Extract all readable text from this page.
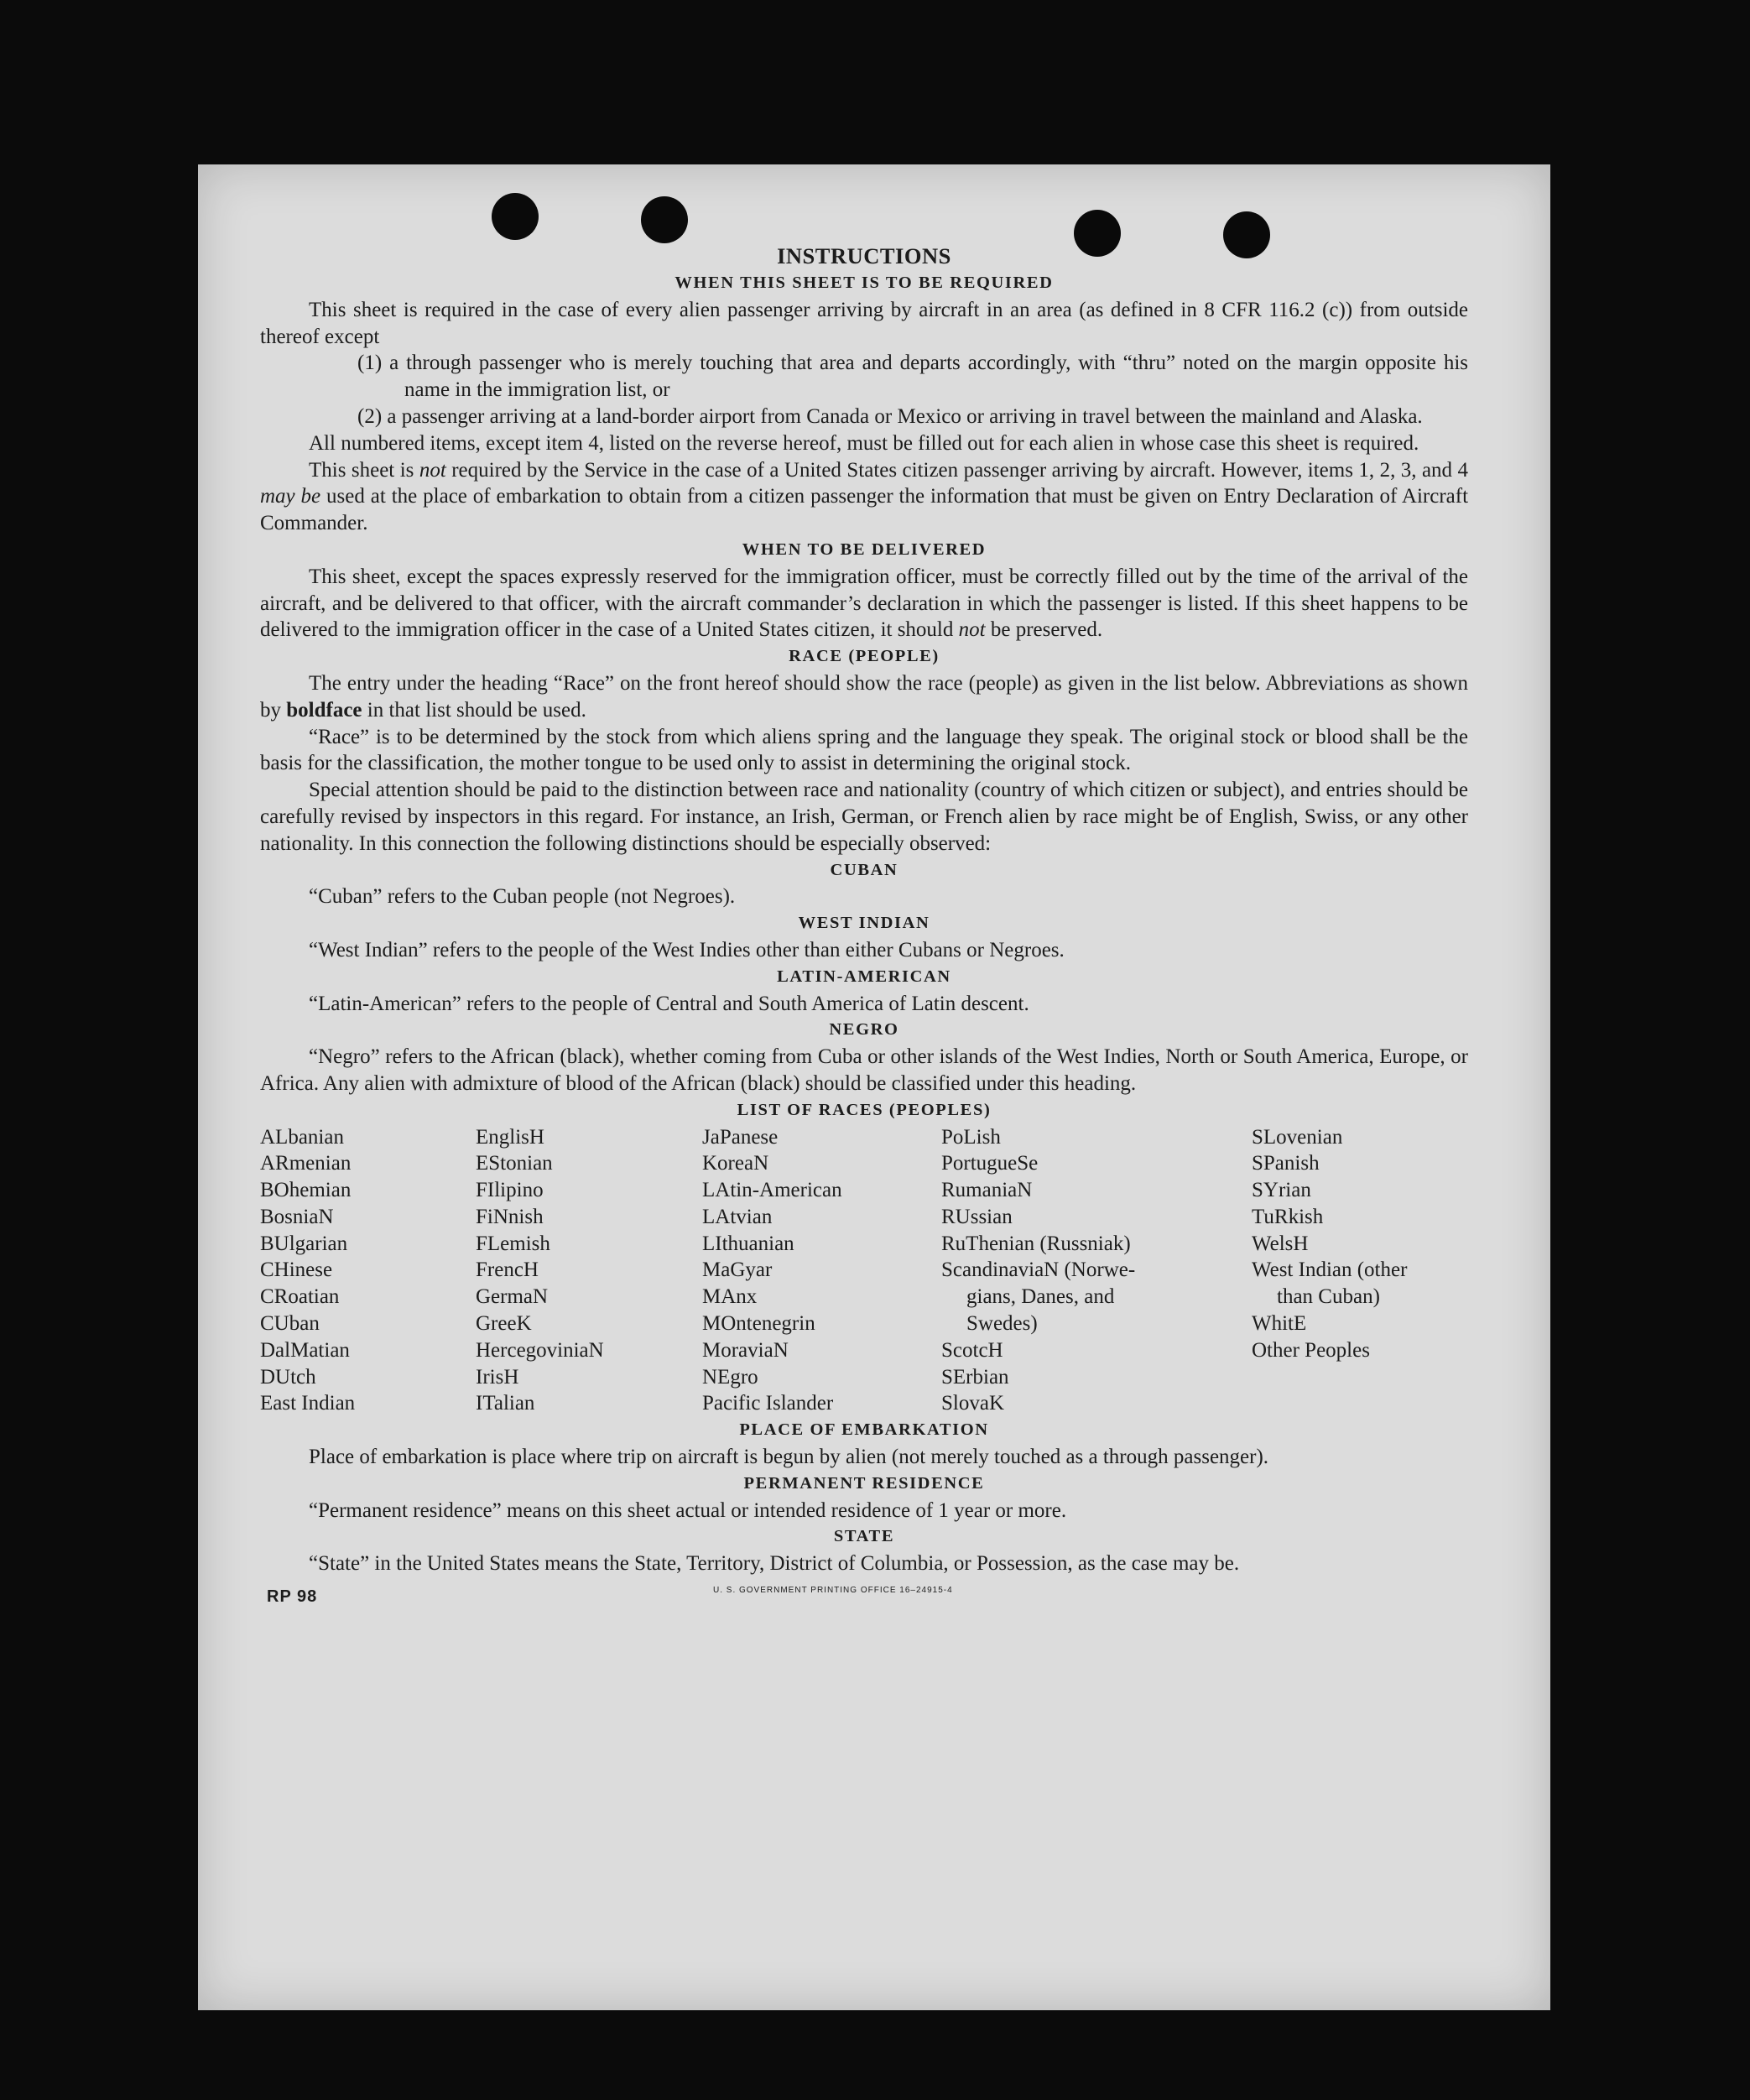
INSTRUCTIONS
WHEN THIS SHEET IS TO BE REQUIRED

This sheet is required in the case of every alien passenger arriving by aircraft in an area (as defined in 8 CFR 116.2 (c)) from outside thereof except

(1) a through passenger who is merely touching that area and departs accordingly, with “thru” noted on the margin opposite his name in the immigration list, or

(2) a passenger arriving at a land-border airport from Canada or Mexico or arriving in travel between the mainland and Alaska.

All numbered items, except item 4, listed on the reverse hereof, must be filled out for each alien in whose case this sheet is required.

This sheet is not required by the Service in the case of a United States citizen passenger arriving by aircraft. However, items 1, 2, 3, and 4 may be used at the place of embarkation to obtain from a citizen passenger the information that must be given on Entry Declaration of Aircraft Commander.

WHEN TO BE DELIVERED

This sheet, except the spaces expressly reserved for the immigration officer, must be correctly filled out by the time of the arrival of the aircraft, and be delivered to that officer, with the aircraft commander’s declaration in which the passenger is listed. If this sheet happens to be delivered to the immigration officer in the case of a United States citizen, it should not be preserved.

RACE (PEOPLE)

The entry under the heading “Race” on the front hereof should show the race (people) as given in the list below. Abbreviations as shown by boldface in that list should be used.

“Race” is to be determined by the stock from which aliens spring and the language they speak. The original stock or blood shall be the basis for the classification, the mother tongue to be used only to assist in determining the original stock.

Special attention should be paid to the distinction between race and nationality (country of which citizen or subject), and entries should be carefully revised by inspectors in this regard. For instance, an Irish, German, or French alien by race might be of English, Swiss, or any other nationality. In this connection the following distinctions should be especially observed:

CUBAN

“Cuban” refers to the Cuban people (not Negroes).

WEST INDIAN

“West Indian” refers to the people of the West Indies other than either Cubans or Negroes.

LATIN-AMERICAN

“Latin-American” refers to the people of Central and South America of Latin descent.

NEGRO

“Negro” refers to the African (black), whether coming from Cuba or other islands of the West Indies, North or South America, Europe, or Africa. Any alien with admixture of blood of the African (black) should be classified under this heading.

LIST OF RACES (PEOPLES)
ALbanian
ARmenian
BOhemian
BosniaN
BUlgarian
CHinese
CRoatian
CUban
DalMatian
DUtch
East Indian
EnglisH
EStonian
FIlipino
FiNnish
FLemish
FrencH
GermaN
GreeK
HercegoviniaN
IrisH
ITalian
JaPanese
KoreaN
LAtin-American
LAtvian
LIthuanian
MaGyar
MAnx
MOntenegrin
MoraviaN
NEgro
Pacific Islander
PoLish
PortugueSe
RumaniaN
RUssian
RuThenian (Russniak)
ScandinaviaN (Norwe-
gians, Danes, and
Swedes)
ScotcH
SErbian
SlovaK
SLovenian
SPanish
SYrian
TuRkish
WelsH
West Indian (other
than Cuban)
WhitE
Other Peoples
PLACE OF EMBARKATION

Place of embarkation is place where trip on aircraft is begun by alien (not merely touched as a through passenger).

PERMANENT RESIDENCE

“Permanent residence” means on this sheet actual or intended residence of 1 year or more.

STATE

“State” in the United States means the State, Territory, District of Columbia, or Possession, as the case may be.

RP 98	U. S. GOVERNMENT PRINTING OFFICE 16–24915-4
